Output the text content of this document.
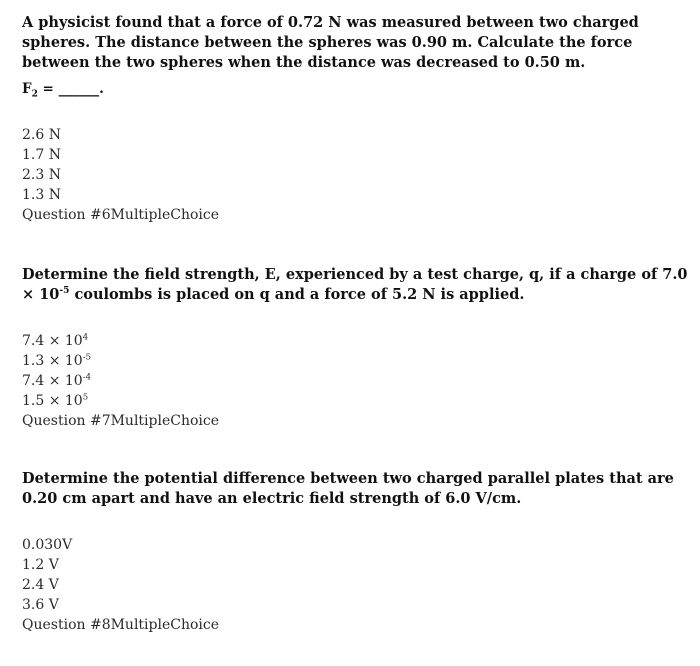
A physicist found that a force of 0.72 N was measured between two charged spheres. The distance between the spheres was 0.90 m. Calculate the force between the two spheres when the distance was decreased to 0.50 m.

$F_2$ = ______.

2.6 N
1.7 N
2.3 N
1.3 N

Question #6MultipleChoice

Determine the field strength, E, experienced by a test charge, q, if a charge of $7.0 \times 10^{-5}$ coulombs is placed on q and a force of 5.2 N is applied.

$7.4 \times 10^4$
$1.3 \times 10^{-5}$
$7.4 \times 10^{-4}$
$1.5 \times 10^5$

Question #7MultipleChoice

Determine the potential difference between two charged parallel plates that are 0.20 cm apart and have an electric field strength of 6.0 V/cm.

0.030V
1.2 V
2.4 V
3.6 V

Question #8MultipleChoice
